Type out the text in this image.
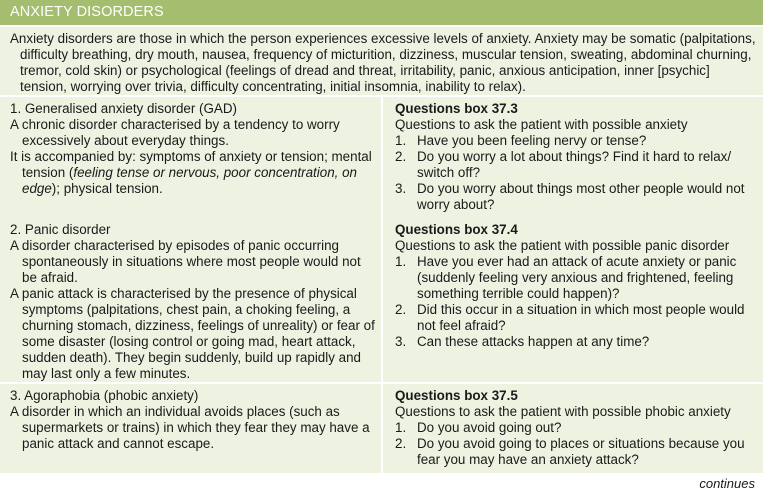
ANXIETY DISORDERS

Anxiety disorders are those in which the person experiences excessive levels of anxiety. Anxiety may be somatic (palpitations, difficulty breathing, dry mouth, nausea, frequency of micturition, dizziness, muscular tension, sweating, abdominal churning, tremor, cold skin) or psychological (feelings of dread and threat, irritability, panic, anxious anticipation, inner [psychic] tension, worrying over trivia, difficulty concentrating, initial insomnia, inability to relax).

1. Generalised anxiety disorder (GAD)

A chronic disorder characterised by a tendency to worry excessively about everyday things.

It is accompanied by: symptoms of anxiety or tension; mental tension (feeling tense or nervous, poor concentration, on edge); physical tension.

Questions box 37.3

Questions to ask the patient with possible anxiety

1. Have you been feeling nervy or tense?
2. Do you worry a lot about things? Find it hard to relax/ switch off?
3. Do you worry about things most other people would not worry about?

2. Panic disorder

A disorder characterised by episodes of panic occurring spontaneously in situations where most people would not be afraid.

A panic attack is characterised by the presence of physical symptoms (palpitations, chest pain, a choking feeling, a churning stomach, dizziness, feelings of unreality) or fear of some disaster (losing control or going mad, heart attack, sudden death). They begin suddenly, build up rapidly and may last only a few minutes.

Questions box 37.4

Questions to ask the patient with possible panic disorder

1. Have you ever had an attack of acute anxiety or panic (suddenly feeling very anxious and frightened, feeling something terrible could happen)?
2. Did this occur in a situation in which most people would not feel afraid?
3. Can these attacks happen at any time?

3. Agoraphobia (phobic anxiety)

A disorder in which an individual avoids places (such as supermarkets or trains) in which they fear they may have a panic attack and cannot escape.

Questions box 37.5

Questions to ask the patient with possible phobic anxiety

1. Do you avoid going out?
2. Do you avoid going to places or situations because you fear you may have an anxiety attack?
continues
